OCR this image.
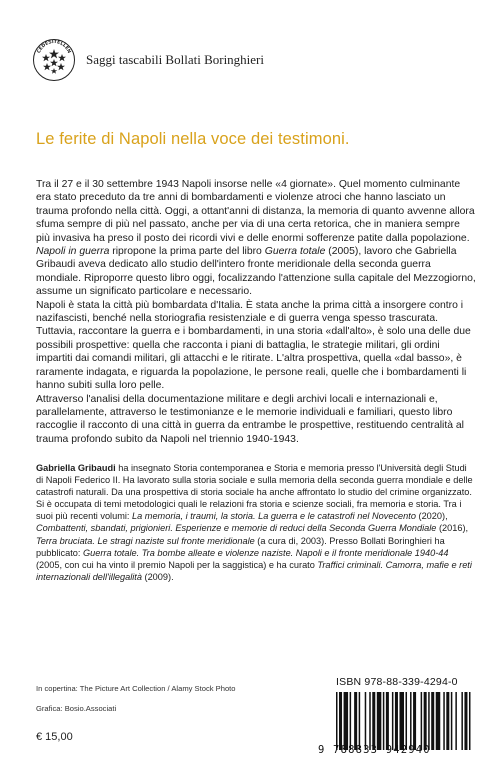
CEDESITELLEN
Saggi tascabili Bollati Boringhieri
Le ferite di Napoli nella voce dei testimoni.

Tra il 27 e il 30 settembre 1943 Napoli insorse nelle «4 giornate». Quel momento culminante era stato preceduto da tre anni di bombardamenti e violenze atroci che hanno lasciato un trauma profondo nella città. Oggi, a ottant'anni di distanza, la memoria di quanto avvenne allora sfuma sempre di più nel passato, anche per via di una certa retorica, che in maniera sempre più invasiva ha preso il posto dei ricordi vivi e delle enormi sofferenze patite dalla popolazione.

Napoli in guerra ripropone la prima parte del libro Guerra totale (2005), lavoro che Gabriella Gribaudi aveva dedicato allo studio dell'intero fronte meridionale della seconda guerra mondiale. Riproporre questo libro oggi, focalizzando l'attenzione sulla capitale del Mezzogiorno, assume un significato particolare e necessario.

Napoli è stata la città più bombardata d'Italia. È stata anche la prima città a insorgere contro i nazifascisti, benché nella storiografia resistenziale e di guerra venga spesso trascurata. Tuttavia, raccontare la guerra e i bombardamenti, in una storia «dall'alto», è solo una delle due possibili prospettive: quella che racconta i piani di battaglia, le strategie militari, gli ordini impartiti dai comandi militari, gli attacchi e le ritirate. L'altra prospettiva, quella «dal basso», è raramente indagata, e riguarda la popolazione, le persone reali, quelle che i bombardamenti li hanno subiti sulla loro pelle.

Attraverso l'analisi della documentazione militare e degli archivi locali e internazionali e, parallelamente, attraverso le testimonianze e le memorie individuali e familiari, questo libro raccoglie il racconto di una città in guerra da entrambe le prospettive, restituendo centralità al trauma profondo subito da Napoli nel triennio 1940-1943.

Gabriella Gribaudi ha insegnato Storia contemporanea e Storia e memoria presso l'Università degli Studi di Napoli Federico II. Ha lavorato sulla storia sociale e sulla memoria della seconda guerra mondiale e delle catastrofi naturali. Da una prospettiva di storia sociale ha anche affrontato lo studio del crimine organizzato. Si è occupata di temi metodologici quali le relazioni fra storia e scienze sociali, fra memoria e storia. Tra i suoi più recenti volumi: La memoria, i traumi, la storia. La guerra e le catastrofi nel Novecento (2020), Combattenti, sbandati, prigionieri. Esperienze e memorie di reduci della Seconda Guerra Mondiale (2016), Terra bruciata. Le stragi naziste sul fronte meridionale (a cura di, 2003). Presso Bollati Boringhieri ha pubblicato: Guerra totale. Tra bombe alleate e violenze naziste. Napoli e il fronte meridionale 1940-44 (2005, con cui ha vinto il premio Napoli per la saggistica) e ha curato Traffici criminali. Camorra, mafie e reti internazionali dell'illegalità (2009).

In copertina: The Picture Art Collection / Alamy Stock Photo
Grafica: Bosio.Associati
€ 15,00
ISBN 978-88-339-4294-0
9 788833 942940
